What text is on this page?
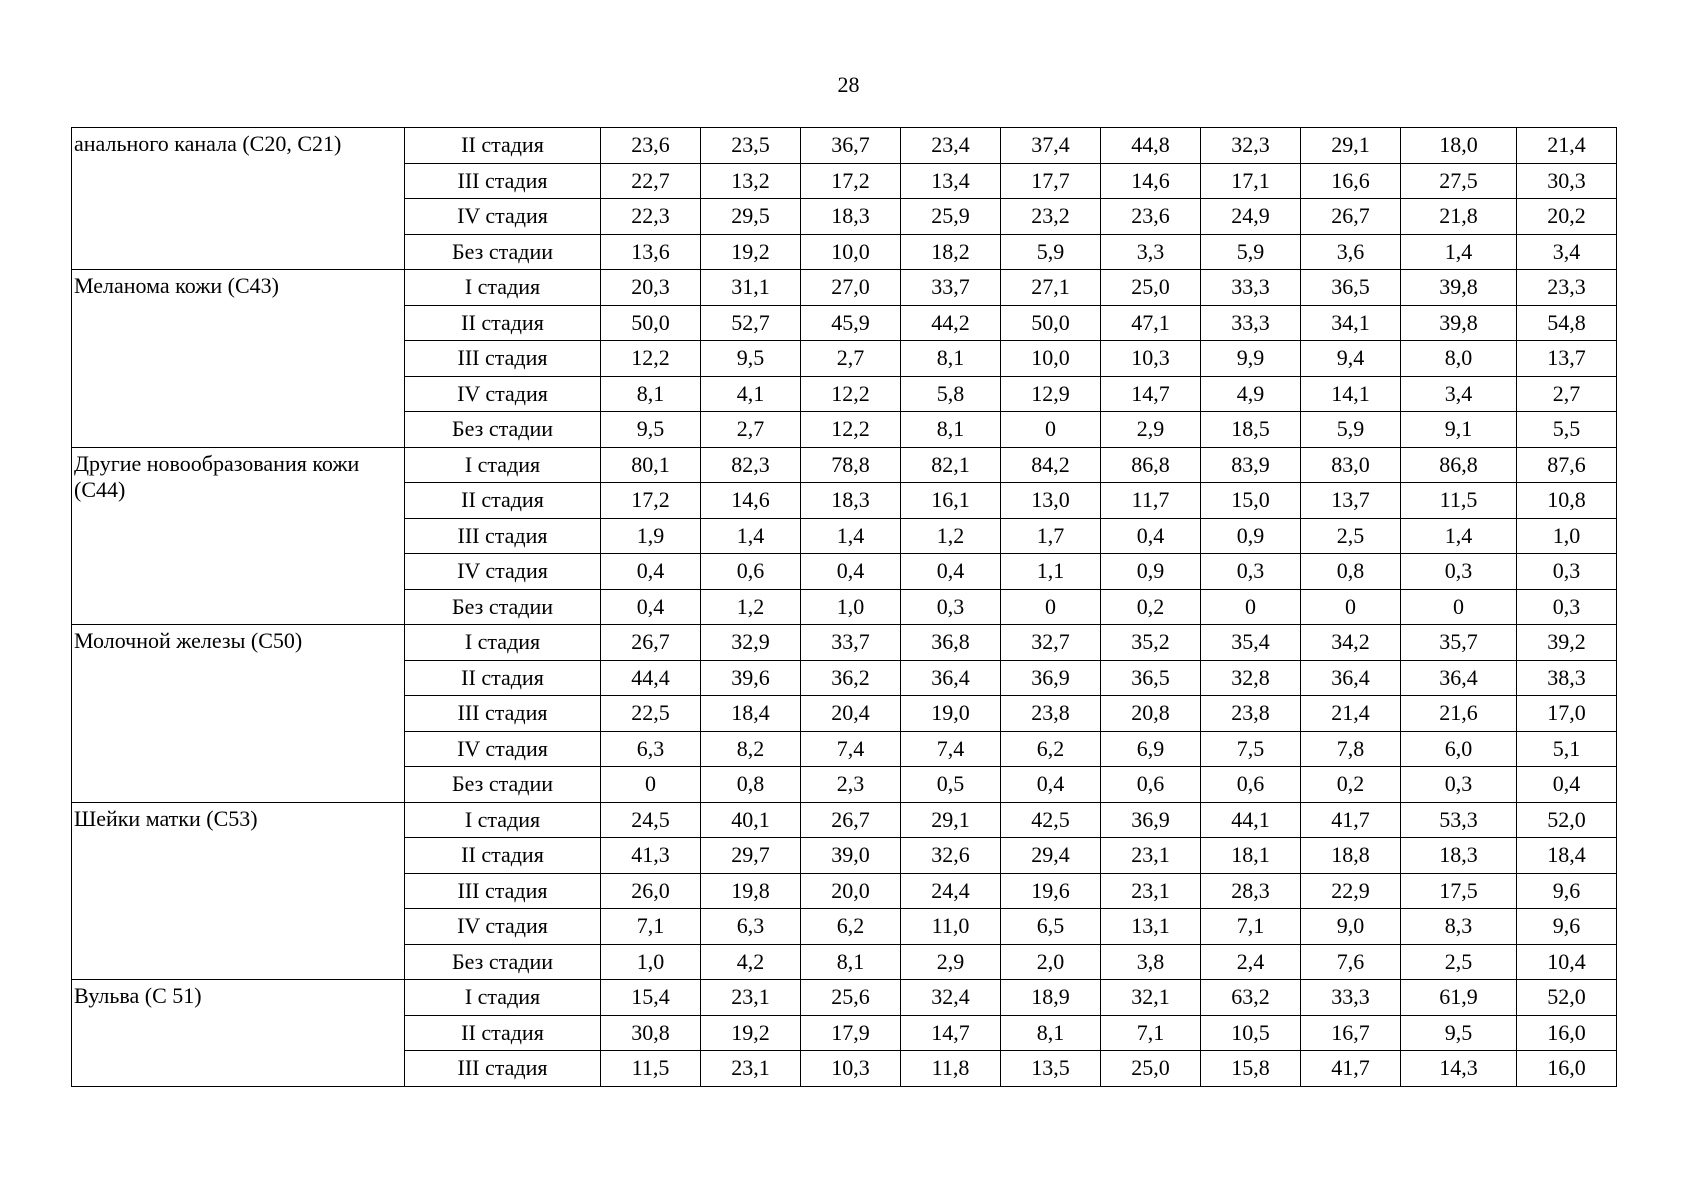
28
анального канала (С20, С21)	II стадия	23,6	23,5	36,7	23,4	37,4	44,8	32,3	29,1	18,0	21,4
	III стадия	22,7	13,2	17,2	13,4	17,7	14,6	17,1	16,6	27,5	30,3
	IV стадия	22,3	29,5	18,3	25,9	23,2	23,6	24,9	26,7	21,8	20,2
	Без стадии	13,6	19,2	10,0	18,2	5,9	3,3	5,9	3,6	1,4	3,4
Меланома кожи (С43)	I стадия	20,3	31,1	27,0	33,7	27,1	25,0	33,3	36,5	39,8	23,3
	II стадия	50,0	52,7	45,9	44,2	50,0	47,1	33,3	34,1	39,8	54,8
	III стадия	12,2	9,5	2,7	8,1	10,0	10,3	9,9	9,4	8,0	13,7
	IV стадия	8,1	4,1	12,2	5,8	12,9	14,7	4,9	14,1	3,4	2,7
	Без стадии	9,5	2,7	12,2	8,1	0	2,9	18,5	5,9	9,1	5,5
Другие новообразования кожи (С44)	I стадия	80,1	82,3	78,8	82,1	84,2	86,8	83,9	83,0	86,8	87,6
	II стадия	17,2	14,6	18,3	16,1	13,0	11,7	15,0	13,7	11,5	10,8
	III стадия	1,9	1,4	1,4	1,2	1,7	0,4	0,9	2,5	1,4	1,0
	IV стадия	0,4	0,6	0,4	0,4	1,1	0,9	0,3	0,8	0,3	0,3
	Без стадии	0,4	1,2	1,0	0,3	0	0,2	0	0	0	0,3
Молочной железы (С50)	I стадия	26,7	32,9	33,7	36,8	32,7	35,2	35,4	34,2	35,7	39,2
	II стадия	44,4	39,6	36,2	36,4	36,9	36,5	32,8	36,4	36,4	38,3
	III стадия	22,5	18,4	20,4	19,0	23,8	20,8	23,8	21,4	21,6	17,0
	IV стадия	6,3	8,2	7,4	7,4	6,2	6,9	7,5	7,8	6,0	5,1
	Без стадии	0	0,8	2,3	0,5	0,4	0,6	0,6	0,2	0,3	0,4
Шейки матки (С53)	I стадия	24,5	40,1	26,7	29,1	42,5	36,9	44,1	41,7	53,3	52,0
	II стадия	41,3	29,7	39,0	32,6	29,4	23,1	18,1	18,8	18,3	18,4
	III стадия	26,0	19,8	20,0	24,4	19,6	23,1	28,3	22,9	17,5	9,6
	IV стадия	7,1	6,3	6,2	11,0	6,5	13,1	7,1	9,0	8,3	9,6
	Без стадии	1,0	4,2	8,1	2,9	2,0	3,8	2,4	7,6	2,5	10,4
Вульва (С 51)	I стадия	15,4	23,1	25,6	32,4	18,9	32,1	63,2	33,3	61,9	52,0
	II стадия	30,8	19,2	17,9	14,7	8,1	7,1	10,5	16,7	9,5	16,0
	III стадия	11,5	23,1	10,3	11,8	13,5	25,0	15,8	41,7	14,3	16,0
